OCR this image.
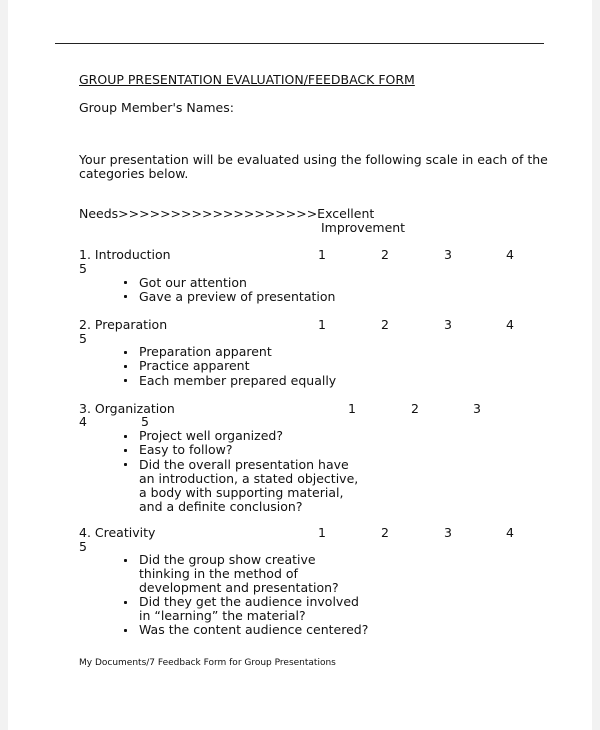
GROUP PRESENTATION EVALUATION/FEEDBACK FORM
Group Member's Names:
Your presentation will be evaluated using the following scale in each of the
categories below.
Needs>>>>>>>>>>>>>>>>>>>Excellent
Improvement
1. Introduction	1	2	3	4
5
Got our attention
Gave a preview of presentation
2. Preparation	1	2	3	4
5
Preparation apparent
Practice apparent
Each member prepared equally
3. Organization	1	2	3
4	5
Project well organized?
Easy to follow?
Did the overall presentation have
an introduction, a stated objective,
a body with supporting material,
and a definite conclusion?
4. Creativity	1	2	3	4
5
Did the group show creative
thinking in the method of
development and presentation?
Did they get the audience involved
in “learning” the material?
Was the content audience centered?
My Documents/7 Feedback Form for Group Presentations
